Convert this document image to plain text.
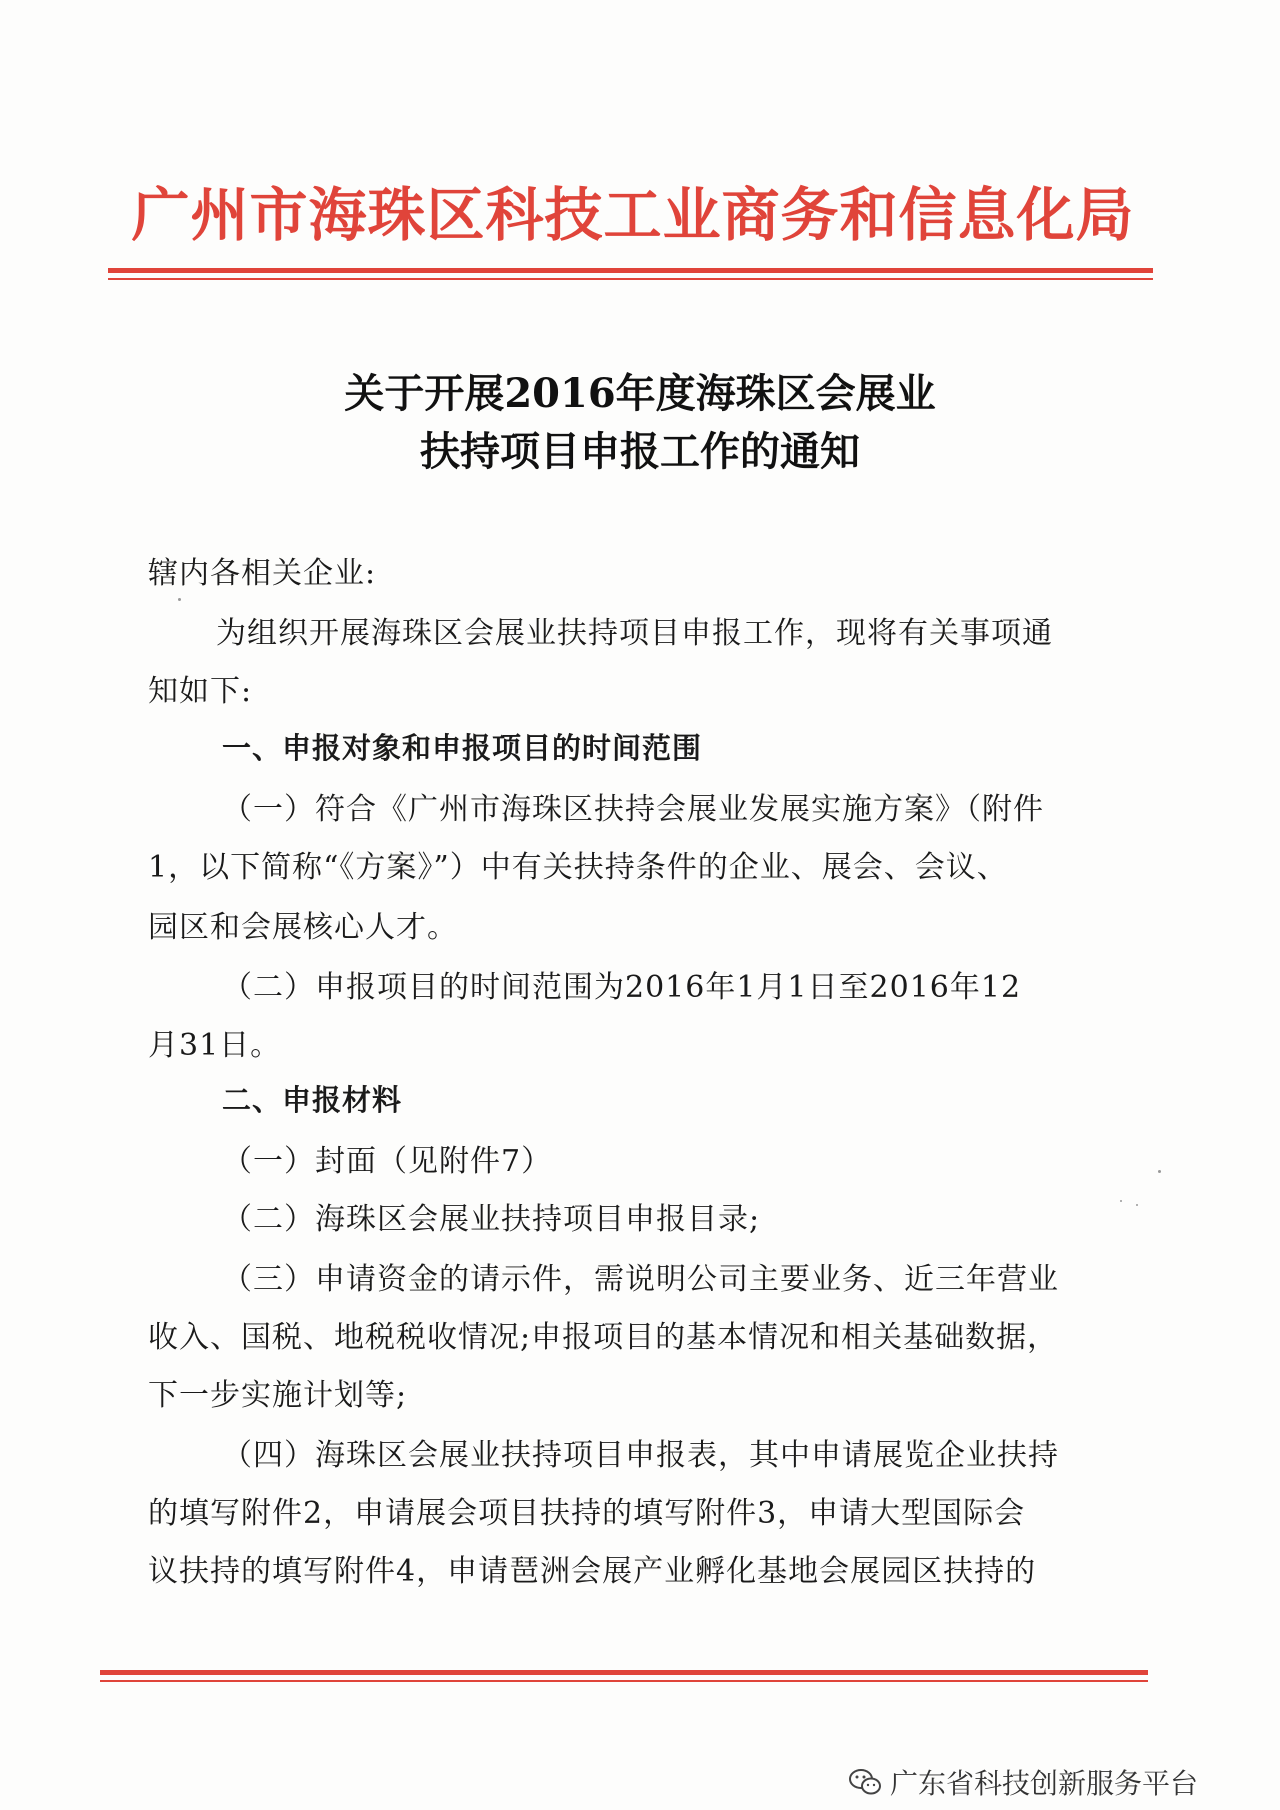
广州市海珠区科技工业商务和信息化局
关于开展2016年度海珠区会展业
扶持项目申报工作的通知
辖内各相关企业:
为组织开展海珠区会展业扶持项目申报工作，现将有关事项通
知如下:
一、申报对象和申报项目的时间范围
（一）符合《广州市海珠区扶持会展业发展实施方案》（附件
1，以下简称“《方案》”）中有关扶持条件的企业、展会、会议、
园区和会展核心人才。
（二）申报项目的时间范围为2016年1月1日至2016年12
月31日。
二、申报材料
（一）封面（见附件7）
（二）海珠区会展业扶持项目申报目录;
（三）申请资金的请示件，需说明公司主要业务、近三年营业
收入、国税、地税税收情况;申报项目的基本情况和相关基础数据，
下一步实施计划等;
（四）海珠区会展业扶持项目申报表，其中申请展览企业扶持
的填写附件2，申请展会项目扶持的填写附件3，申请大型国际会
议扶持的填写附件4，申请琶洲会展产业孵化基地会展园区扶持的
广东省科技创新服务平台
